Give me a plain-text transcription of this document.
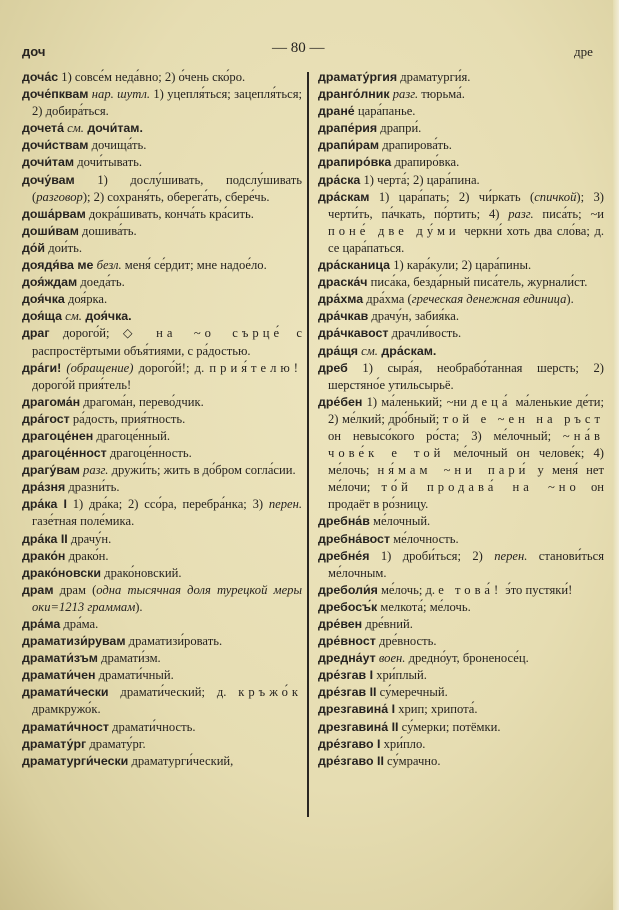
доч	— 80 —	дре

доча́с 1) совсе́м неда́вно; 2) о́чень ско́ро.

доче́пквам нар. шутл. 1) уцепля́ться; зацепля́ться; 2) добира́ться.

дочета́ см. дочи́там.

дочи́ствам дочища́ть.

дочи́там дочи́тывать.

дочу́вам 1) дослу́шивать, подслу́шивать (разговор); 2) сохраня́ть, оберега́ть, сбере́чь.

доша́рвам докра́шивать, конча́ть кра́сить.

доши́вам дошива́ть.

до́й дои́ть.

доядя́ва ме безл. меня́ се́рдит; мне надое́ло.

доя́ждам доеда́ть.

доя́чка доя́рка.

доя́ща см. доя́чка.

драг дорого́й; ◇ на ~о сърце́ с распростёртыми объя́тиями, с ра́достью.

дра́ги! (обращение) дорого́й!; д. прия́телю! дорого́й прия́тель!

драгома́н драгома́н, перево́дчик.

дра́гост ра́дость, прия́тность.

драгоце́нен драгоце́нный.

драгоце́нност драгоце́нность.

драгу́вам разг. дружи́ть; жить в до́бром согла́сии.

дра́зня дразни́ть.

дра́ка I 1) дра́ка; 2) ссо́ра, перебра́нка; 3) перен. газе́тная поле́мика.

дра́ка II драчу́н.

драко́н драко́н.

драко́новски драко́новский.

драм драм (одна тысячная доля турецкой меры оки=1213 граммам).

дра́ма дра́ма.

драматизи́рувам драматизи́ровать.

драмати́зъм драмати́зм.

драмати́чен драмати́чный.

драмати́чески драмати́ческий; д. кръжо́к драмкружо́к.

драмати́чност драмати́чность.

драмату́рг драмату́рг.

драматурги́чески драматурги́ческий,

драмату́ргия драматурги́я.

дранго́лник разг. тюрьма́.

дране́ цара́панье.

драпе́рия драпри́.

драпи́рам драпирова́ть.

драпиро́вка драпиро́вка.

дра́ска 1) черта́; 2) цара́пина.

дра́скам 1) цара́пать; 2) чи́ркать (спичкой); 3) черти́ть, па́чкать, по́ртить; 4) разг. писа́ть; ~и поне́ две ду́ми черкни́ хоть два сло́ва; д. се цара́паться.

дра́сканица 1) кара́кули; 2) цара́пины.

драска́ч писа́ка, безда́рный писа́тель, журнали́ст.

дра́хма дра́хма (греческая денежная единица).

дра́чкав драчу́н, забия́ка.

дра́чкавост драчли́вость.

дра́щя см. дра́скам.

дреб 1) сыра́я, необрабо́танная шерсть; 2) шерстяно́е утильсырьё.

дре́бен 1) ма́ленький; ~ни деца́ ма́ленькие де́ти; 2) ме́лкий; дро́бный; той е ~ен на ръст он невысо́кого ро́ста; 3) ме́лочный; ~на́в чове́к е той ме́лочный он челове́к; 4) ме́лочь; ня́мам ~ни пари́ у меня́ нет ме́лочи; то́й продава́ на ~но он продаёт в ро́зницу.

дребна́в ме́лочный.

дребна́вост ме́лочность.

дребне́я 1) дроби́ться; 2) перен. станови́ться ме́лочным.

дреболи́я ме́лочь; д. е това́! э́то пустяки́!

дребосъ́к мелкота́; ме́лочь.

дре́вен дре́вний.

дре́вност дре́вность.

дредна́ут воен. дредно́ут, броненосе́ц.

дре́згав I хри́плый.

дре́згав II су́меречный.

дрезгавина́ I хрип; хрипота́.

дрезгавина́ II су́мерки; потёмки.

дре́згаво I хри́пло.

дре́згаво II су́мрачно.
